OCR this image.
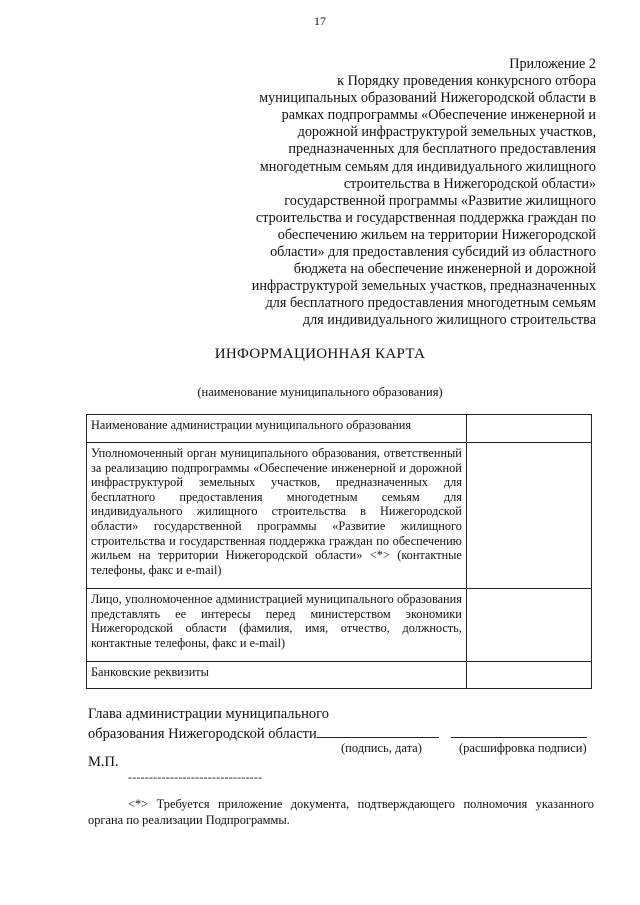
17
Приложение 2
к Порядку проведения конкурсного отбора
муниципальных образований Нижегородской области в
рамках подпрограммы «Обеспечение инженерной и
дорожной инфраструктурой земельных участков,
предназначенных для бесплатного предоставления
многодетным семьям для индивидуального жилищного
строительства в Нижегородской области»
государственной программы «Развитие жилищного
строительства и государственная поддержка граждан по
обеспечению жильем на территории Нижегородской
области» для предоставления субсидий из областного
бюджета на обеспечение инженерной и дорожной
инфраструктурой земельных участков, предназначенных
для бесплатного предоставления многодетным семьям
для индивидуального жилищного строительства
ИНФОРМАЦИОННАЯ КАРТА
(наименование муниципального образования)
Наименование администрации муниципального образования	
Уполномоченный орган муниципального образования, ответственный за реализацию подпрограммы «Обеспечение инженерной и дорожной инфраструктурой земельных участков, предназначенных для бесплатного предоставления многодетным семьям для индивидуального жилищного строительства в Нижегородской области» государственной программы «Развитие жилищного строительства и государственная поддержка граждан по обеспечению жильем на территории Нижегородской области» <*> (контактные телефоны, факс и e-mail)	
Лицо, уполномоченное администрацией муниципального образования представлять ее интересы перед министерством экономики Нижегородской области (фамилия, имя, отчество, должность, контактные телефоны, факс и e-mail)	
Банковские реквизиты	
Глава администрации муниципального
образования Нижегородской области
(подпись, дата)	(расшифровка подписи)
М.П.
--------------------------------
<*> Требуется приложение документа, подтверждающего полномочия указанного органа по реализации Подпрограммы.
